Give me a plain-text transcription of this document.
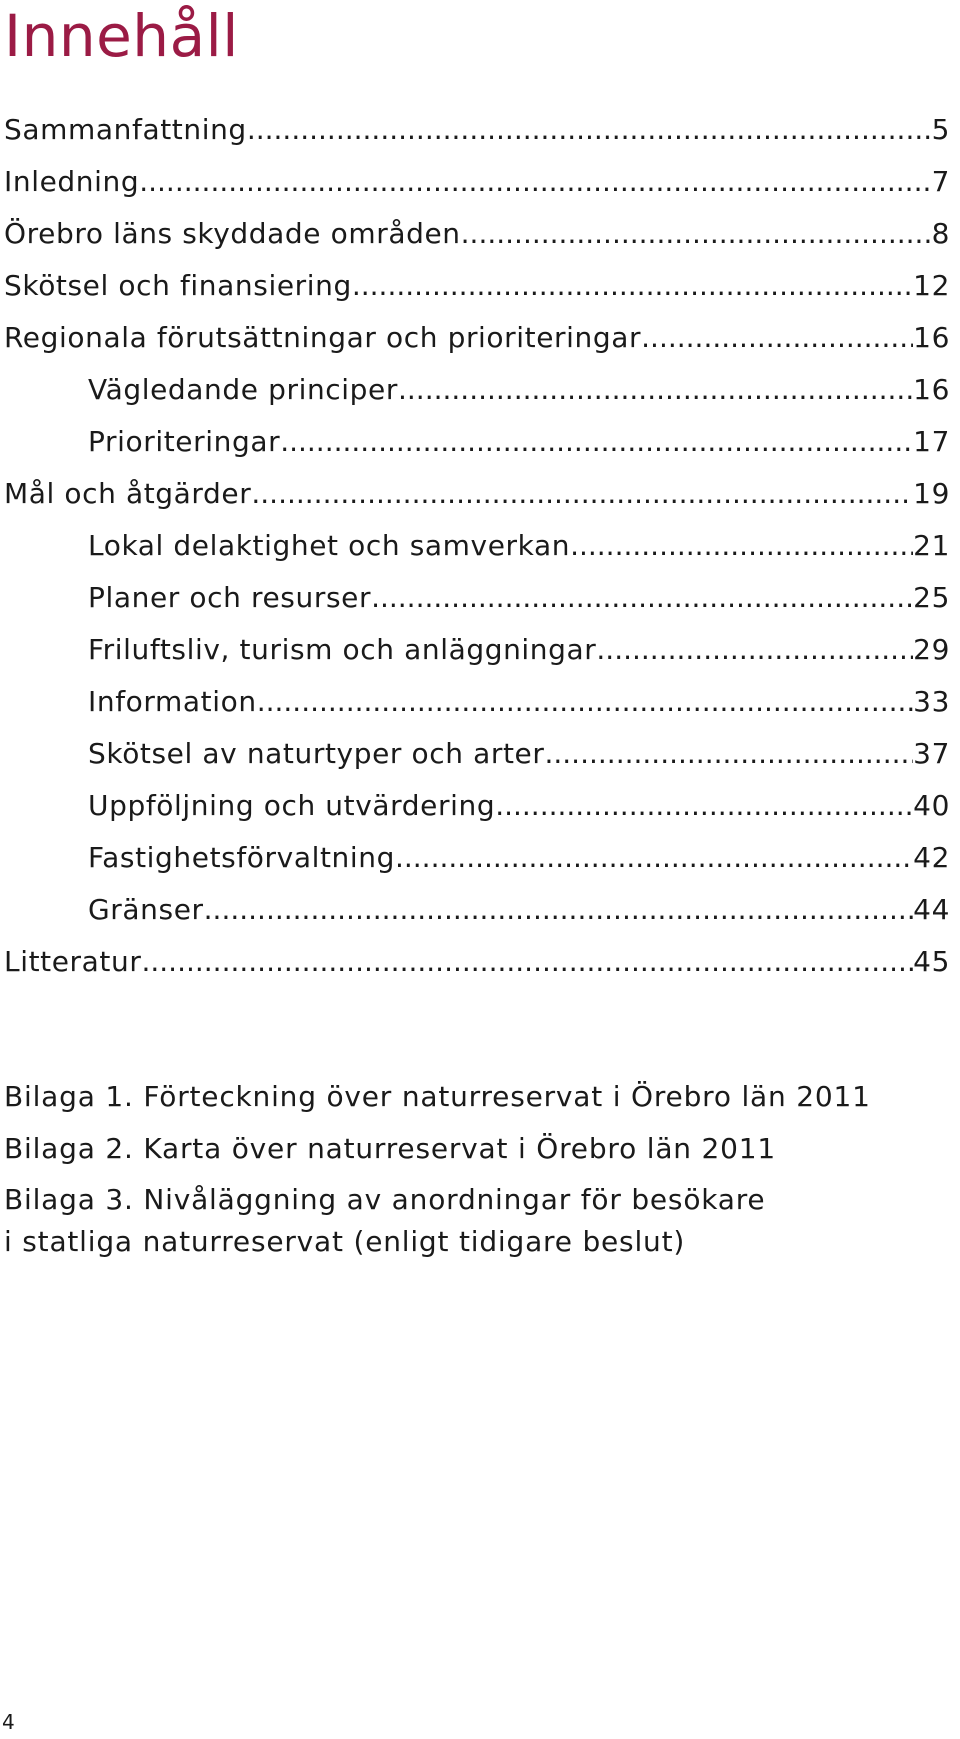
Innehåll
Sammanfattning .....	5
Inledning .....	7
Örebro läns skyddade områden .....	8
Skötsel och finansiering .....	12
Regionala förutsättningar och prioriteringar .....	16
Vägledande principer .....	16
Prioriteringar .....	17
Mål och åtgärder .....	19
Lokal delaktighet och samverkan .....	21
Planer och resurser .....	25
Friluftsliv, turism och anläggningar .....	29
Information .....	33
Skötsel av naturtyper och arter .....	37
Uppföljning och utvärdering .....	40
Fastighetsförvaltning .....	42
Gränser .....	44
Litteratur .....	45

Bilaga 1. Förteckning över naturreservat i Örebro län 2011

Bilaga 2. Karta över naturreservat i Örebro län 2011

Bilaga 3. Nivåläggning av anordningar för besökare
i statliga naturreservat (enligt tidigare beslut)

4
